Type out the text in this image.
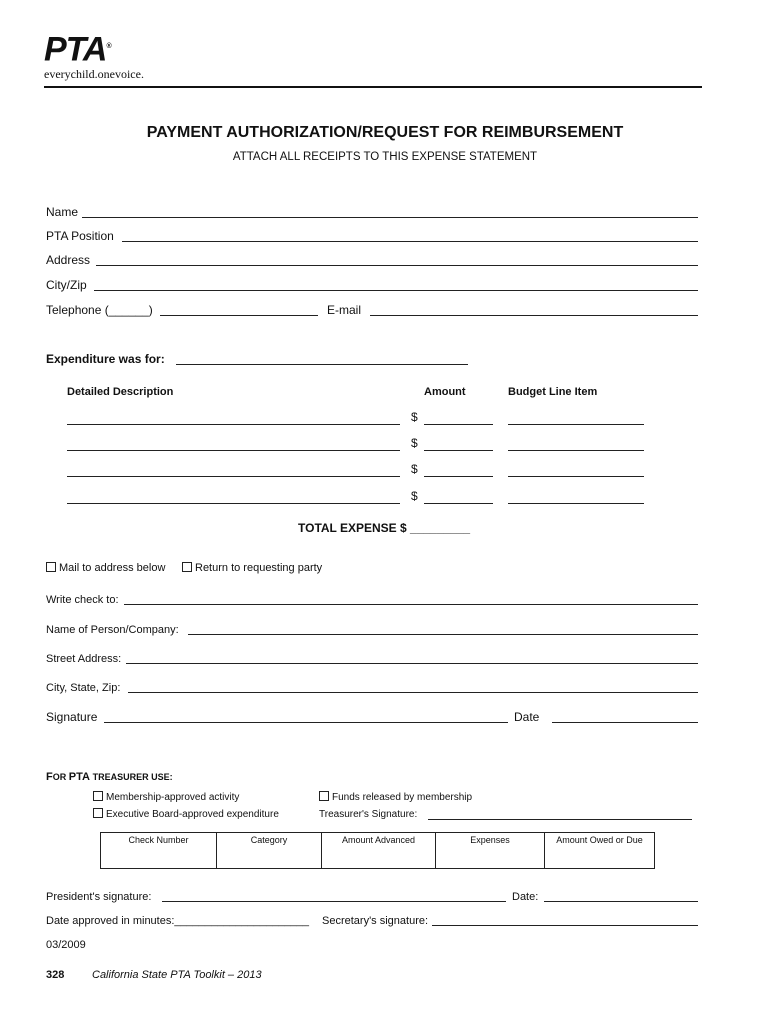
PTA®
everychild.onevoice.
PAYMENT AUTHORIZATION/REQUEST FOR REIMBURSEMENT
ATTACH ALL RECEIPTS TO THIS EXPENSE STATEMENT
Name
PTA Position
Address
City/Zip
Telephone (______)	E-mail
Expenditure was for:
Detailed Description	Amount	Budget Line Item
$
$
$
$
TOTAL EXPENSE $ _________
Mail to address below	Return to requesting party
Write check to:
Name of Person/Company:
Street Address:
City, State, Zip:
Signature	Date
FOR PTA TREASURER USE:
Membership-approved activity
Executive Board-approved expenditure
Funds released by membership
Treasurer's Signature:
Check Number	Category	Amount Advanced	Expenses	Amount Owed or Due
President's signature:	Date:
Date approved in minutes:______________________ Secretary's signature:
03/2009
328	California State PTA Toolkit – 2013
